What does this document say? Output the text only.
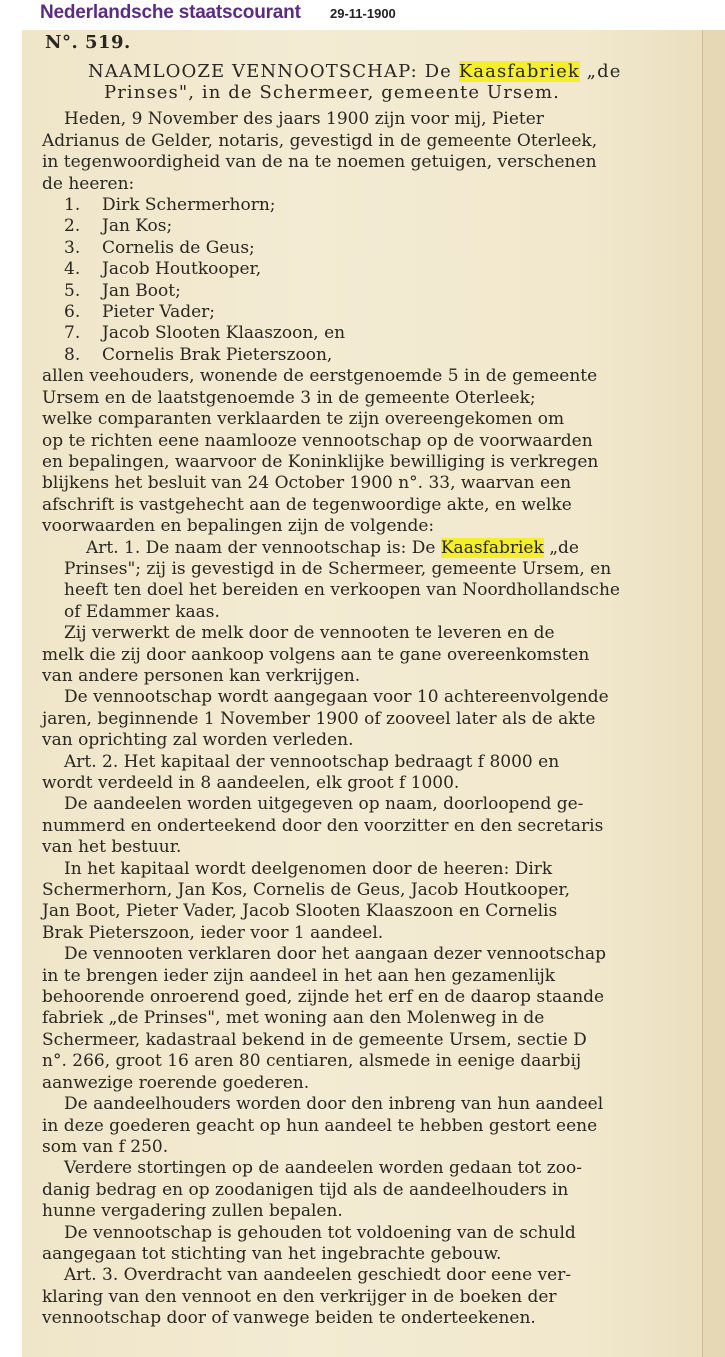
Nederlandsche staatscourant 29-11-1900
N°. 519.
NAAMLOOZE VENNOOTSCHAP: De Kaasfabriek „de
Prinses", in de Schermeer, gemeente Ursem.

Heden, 9 November des jaars 1900 zijn voor mij, Pieter
Adrianus de Gelder, notaris, gevestigd in de gemeente Oterleek,
in tegenwoordigheid van de na te noemen getuigen, verschenen
de heeren:

1. Dirk Schermerhorn;
2. Jan Kos;
3. Cornelis de Geus;
4. Jacob Houtkooper,
5. Jan Boot;
6. Pieter Vader;
7. Jacob Slooten Klaaszoon, en
8. Cornelis Brak Pieterszoon,

allen veehouders, wonende de eerstgenoemde 5 in de gemeente
Ursem en de laatstgenoemde 3 in de gemeente Oterleek;
welke comparanten verklaarden te zijn overeengekomen om
op te richten eene naamlooze vennootschap op de voorwaarden
en bepalingen, waarvoor de Koninklijke bewilliging is verkregen
blijkens het besluit van 24 October 1900 n°. 33, waarvan een
afschrift is vastgehecht aan de tegenwoordige akte, en welke
voorwaarden en bepalingen zijn de volgende:

Art. 1. De naam der vennootschap is: De Kaasfabriek „de
Prinses"; zij is gevestigd in de Schermeer, gemeente Ursem, en
heeft ten doel het bereiden en verkoopen van Noordhollandsche
of Edammer kaas.

Zij verwerkt de melk door de vennooten te leveren en de
melk die zij door aankoop volgens aan te gane overeenkomsten
van andere personen kan verkrijgen.

De vennootschap wordt aangegaan voor 10 achtereenvolgende
jaren, beginnende 1 November 1900 of zooveel later als de akte
van oprichting zal worden verleden.

Art. 2. Het kapitaal der vennootschap bedraagt f 8000 en
wordt verdeeld in 8 aandeelen, elk groot f 1000.

De aandeelen worden uitgegeven op naam, doorloopend ge-
nummerd en onderteekend door den voorzitter en den secretaris
van het bestuur.

In het kapitaal wordt deelgenomen door de heeren: Dirk
Schermerhorn, Jan Kos, Cornelis de Geus, Jacob Houtkooper,
Jan Boot, Pieter Vader, Jacob Slooten Klaaszoon en Cornelis
Brak Pieterszoon, ieder voor 1 aandeel.

De vennooten verklaren door het aangaan dezer vennootschap
in te brengen ieder zijn aandeel in het aan hen gezamenlijk
behoorende onroerend goed, zijnde het erf en de daarop staande
fabriek „de Prinses", met woning aan den Molenweg in de
Schermeer, kadastraal bekend in de gemeente Ursem, sectie D
n°. 266, groot 16 aren 80 centiaren, alsmede in eenige daarbij
aanwezige roerende goederen.

De aandeelhouders worden door den inbreng van hun aandeel
in deze goederen geacht op hun aandeel te hebben gestort eene
som van f 250.

Verdere stortingen op de aandeelen worden gedaan tot zoo-
danig bedrag en op zoodanigen tijd als de aandeelhouders in
hunne vergadering zullen bepalen.

De vennootschap is gehouden tot voldoening van de schuld
aangegaan tot stichting van het ingebrachte gebouw.

Art. 3. Overdracht van aandeelen geschiedt door eene ver-
klaring van den vennoot en den verkrijger in de boeken der
vennootschap door of vanwege beiden te onderteekenen.
